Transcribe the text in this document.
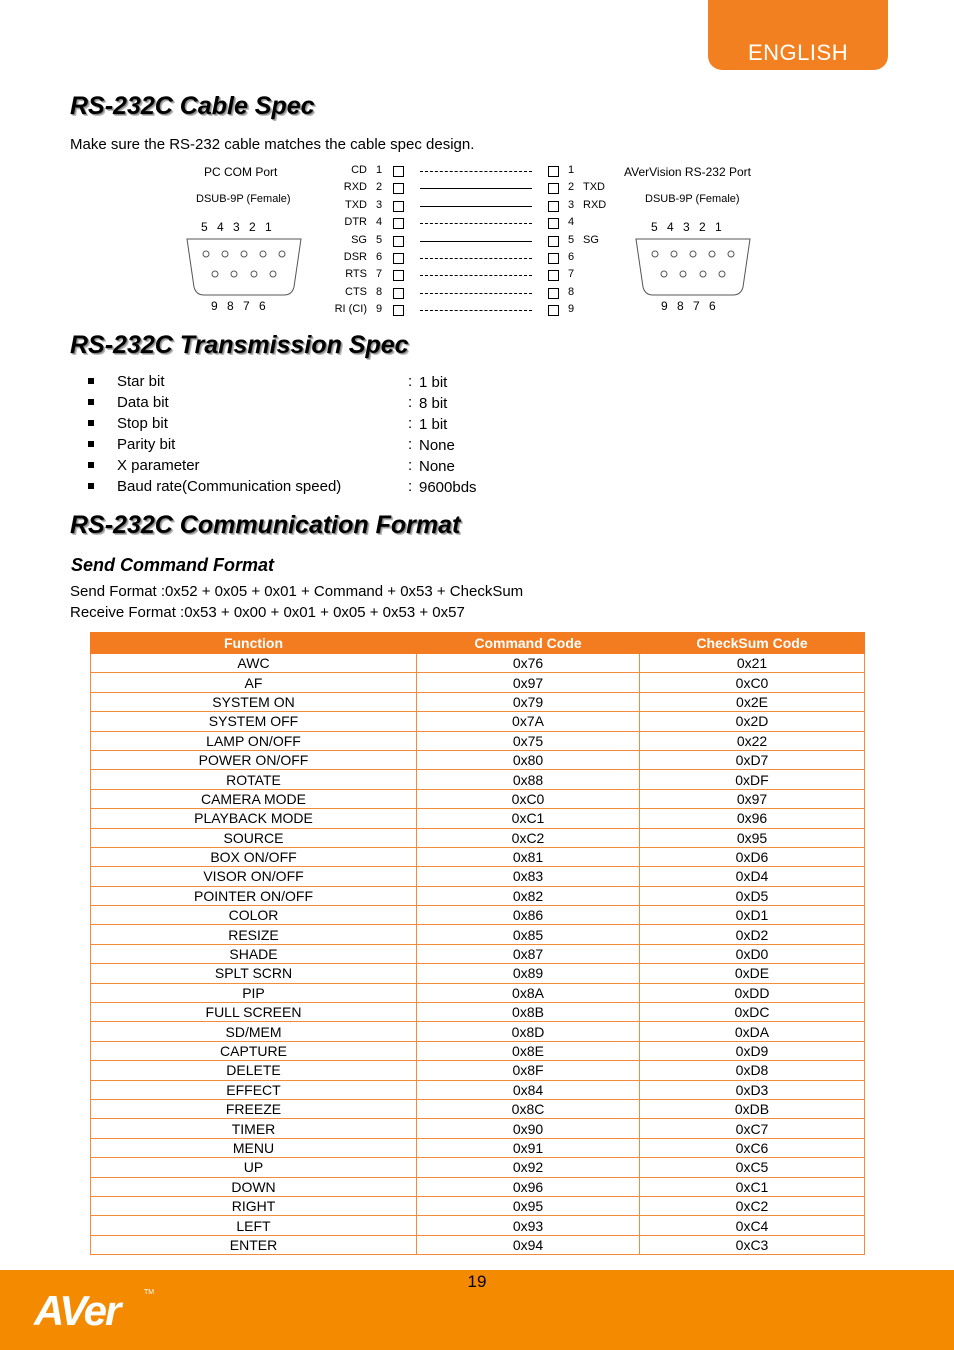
ENGLISH
RS-232C Cable Spec
Make sure the RS-232 cable matches the cable spec design.
PC COM Port
DSUB-9P (Female)
5 4 3 2 1
9 8 7 6
AVerVision RS-232 Port
DSUB-9P (Female)
5 4 3 2 1
9 8 7 6
CD 1	1
RXD 2	2 TXD
TXD 3	3 RXD
DTR 4	4
SG 5	5 SG
DSR 6	6
RTS 7	7
CTS 8	8
RI (CI) 9	9
RS-232C Transmission Spec
Star bit	: 1 bit
Data bit	: 8 bit
Stop bit	: 1 bit
Parity bit	: None
X parameter	: None
Baud rate(Communication speed)	: 9600bds
RS-232C Communication Format
Send Command Format
Send Format :0x52 + 0x05 + 0x01 + Command + 0x53 + CheckSum
Receive Format :0x53 + 0x00 + 0x01 + 0x05 + 0x53 + 0x57
Function	Command Code	CheckSum Code
AWC	0x76	0x21
AF	0x97	0xC0
SYSTEM ON	0x79	0x2E
SYSTEM OFF	0x7A	0x2D
LAMP ON/OFF	0x75	0x22
POWER ON/OFF	0x80	0xD7
ROTATE	0x88	0xDF
CAMERA MODE	0xC0	0x97
PLAYBACK MODE	0xC1	0x96
SOURCE	0xC2	0x95
BOX ON/OFF	0x81	0xD6
VISOR ON/OFF	0x83	0xD4
POINTER ON/OFF	0x82	0xD5
COLOR	0x86	0xD1
RESIZE	0x85	0xD2
SHADE	0x87	0xD0
SPLT SCRN	0x89	0xDE
PIP	0x8A	0xDD
FULL SCREEN	0x8B	0xDC
SD/MEM	0x8D	0xDA
CAPTURE	0x8E	0xD9
DELETE	0x8F	0xD8
EFFECT	0x84	0xD3
FREEZE	0x8C	0xDB
TIMER	0x90	0xC7
MENU	0x91	0xC6
UP	0x92	0xC5
DOWN	0x96	0xC1
RIGHT	0x95	0xC2
LEFT	0x93	0xC4
ENTER	0x94	0xC3
19
AVer	TM
